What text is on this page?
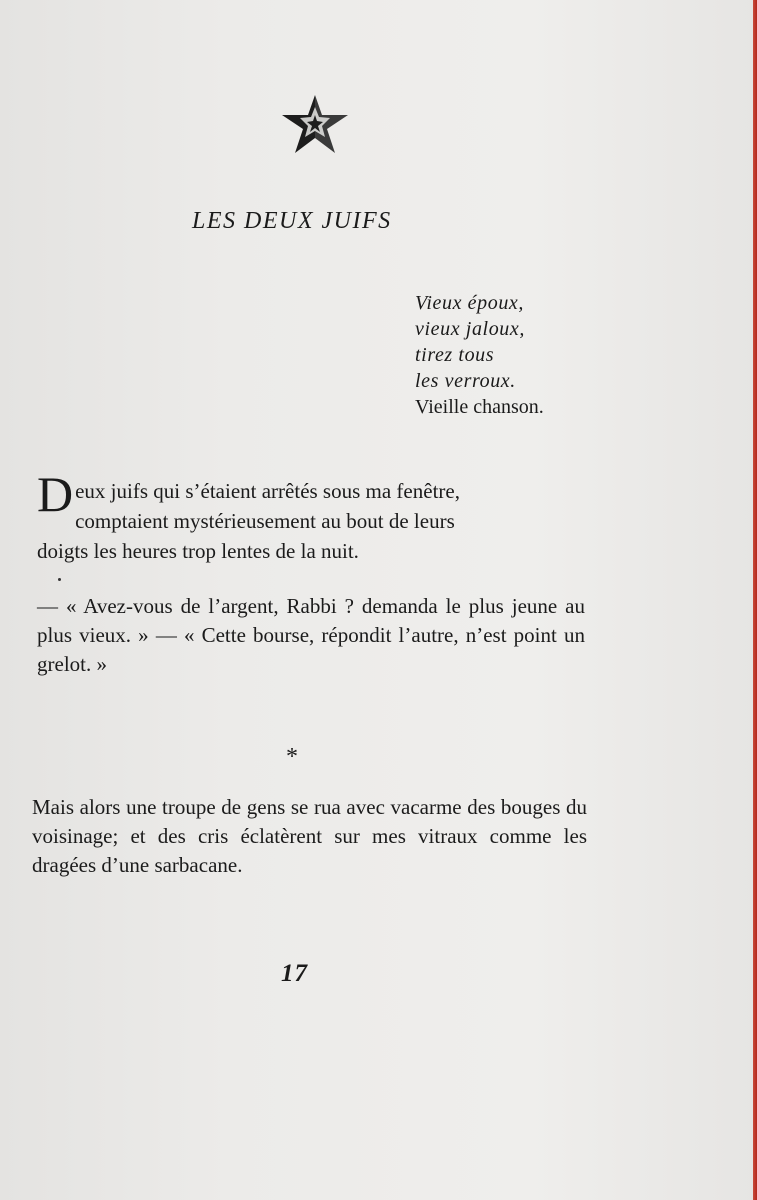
LES DEUX JUIFS
Vieux époux,
vieux jaloux,
tirez tous
les verroux.
Vieille chanson.
D eux juifs qui s’étaient arrêtés sous ma fenêtre,
comptaient mystérieusement au bout de leurs
doigts les heures trop lentes de la nuit.
— « Avez-vous de l’argent, Rabbi ? demanda le plus jeune au plus vieux. » — « Cette bourse, répondit l’autre, n’est point un grelot. »
*
Mais alors une troupe de gens se rua avec vacarme des bouges du voisinage; et des cris éclatèrent sur mes vitraux comme les dragées d’une sarbacane.
17
